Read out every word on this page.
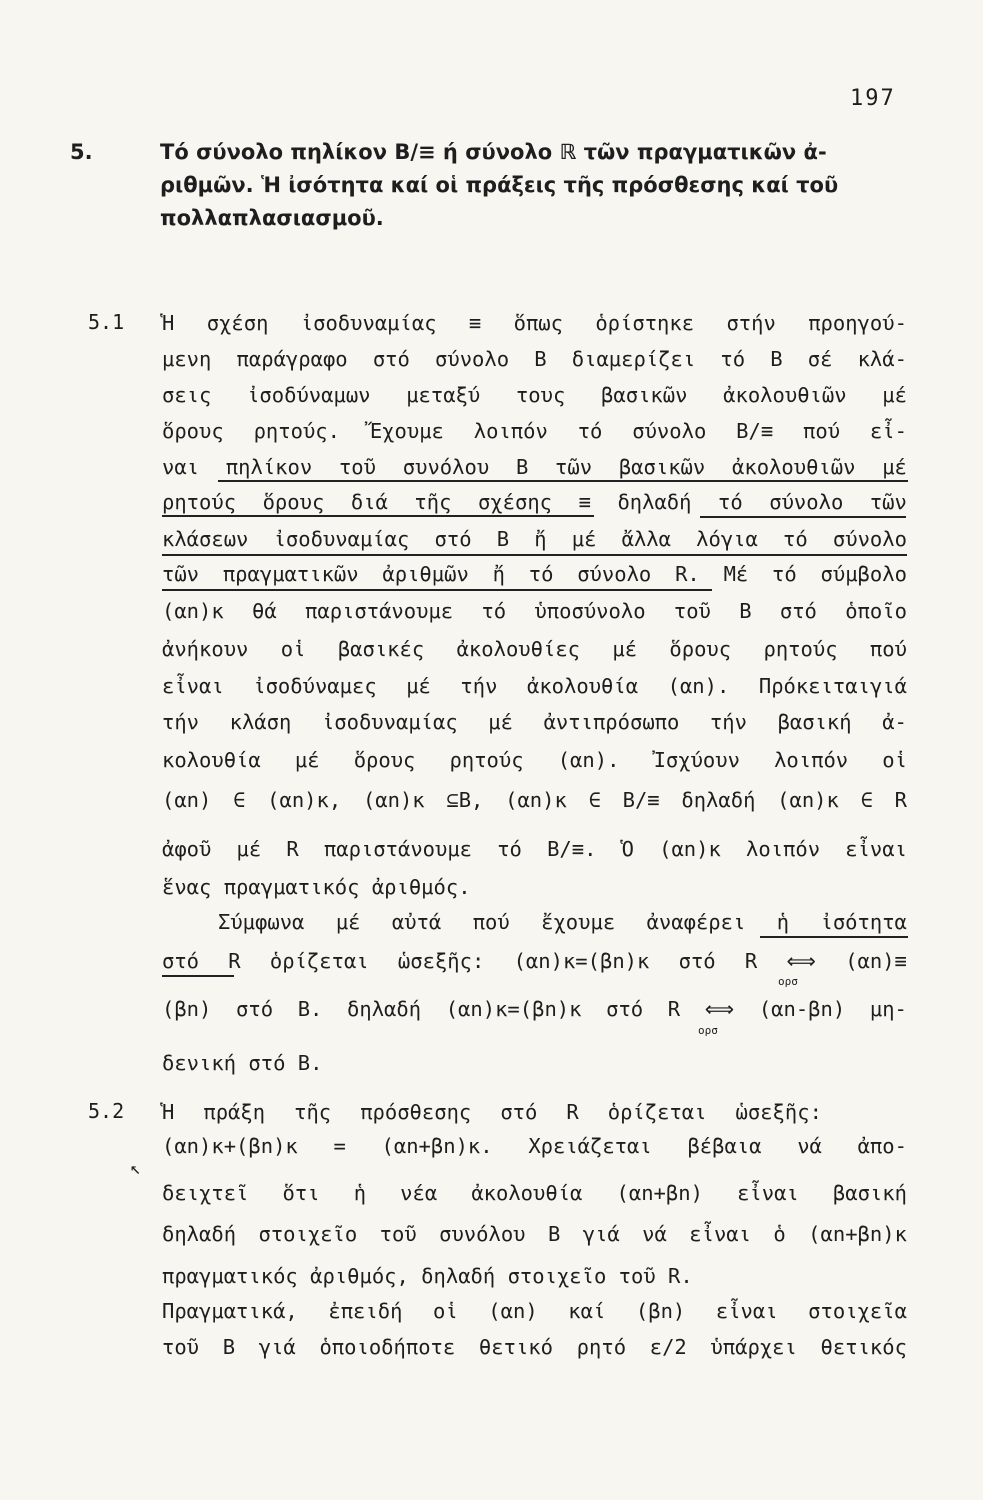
197
5.	Τό σύνολο πηλίκον B/≡ ή σύνολο ℝ τῶν πραγματικῶν ἀ-
ριθμῶν. Ἡ ἰσότητα καί οἱ πράξεις τῆς πρόσθεσης καί τοῦ
πολλαπλασιασμοῦ.
5.1
5.2
Ἡ σχέση ἰσοδυναμίας ≡ ὅπως ὁρίστηκε στήν προηγού-
μενη παράγραφο στό σύνολο B διαμερίζει τό B σέ κλά-
σεις ἰσοδύναμων μεταξύ τους βασικῶν ἀκολουθιῶν μέ
ὅρους ρητούς. Ἔχουμε λοιπόν τό σύνολο B/≡ πού εἶ-
ναι πηλίκον τοῦ συνόλου B τῶν βασικῶν ἀκολουθιῶν μέ
ρητούς ὅρους διά τῆς σχέσης ≡ δηλαδή τό σύνολο τῶν
κλάσεων ἰσοδυναμίας στό B ἤ μέ ἄλλα λόγια τό σύνολο
τῶν πραγματικῶν ἀριθμῶν ἤ τό σύνολο R. Μέ τό σύμβολο
(αn)κ θά παριστάνουμε τό ὑποσύνολο τοῦ B στό ὁποῖο
ἀνήκουν οἱ βασικές ἀκολουθίες μέ ὅρους ρητούς πού
εἶναι ἰσοδύναμες μέ τήν ἀκολουθία (αn). Πρόκειταιγιά
τήν κλάση ἰσοδυναμίας μέ ἀντιπρόσωπο τήν βασική ἀ-
κολουθία μέ ὅρους ρητούς (αn). Ἰσχύουν λοιπόν οἱ
(αn) ∈ (αn)κ, (αn)κ ⊆B, (αn)κ ∈ B/≡ δηλαδή (αn)κ ∈ R
ἀφοῦ μέ R παριστάνουμε τό B/≡. Ὁ (αn)κ λοιπόν εἶναι
ἕνας πραγματικός ἀριθμός.
Σύμφωνα μέ αὐτά πού ἔχουμε ἀναφέρει ἡ ἰσότητα
στό R ὁρίζεται ὡσεξῆς: (αn)κ=(βn)κ στό R ⟺ (αn)≡
(βn) στό B. δηλαδή (αn)κ=(βn)κ στό R ⟺ (αn-βn) μη-
δενική στό B.
Ἡ πράξη τῆς πρόσθεσης στό R ὁρίζεται ὡσεξῆς:
(αn)κ+(βn)κ = (αn+βn)κ. Χρειάζεται βέβαια νά ἀπο-
δειχτεῖ ὅτι ἡ νέα ἀκολουθία (αn+βn) εἶναι βασική
δηλαδή στοιχεῖο τοῦ συνόλου B γιά νά εἶναι ὁ (αn+βn)κ
πραγματικός ἀριθμός, δηλαδή στοιχεῖο τοῦ R.
Πραγματικά, ἐπειδή οἱ (αn) καί (βn) εἶναι στοιχεῖα
τοῦ B γιά ὁποιοδήποτε θετικό ρητό ε/2 ὑπάρχει θετικός
ορσ
ορσ
↖
